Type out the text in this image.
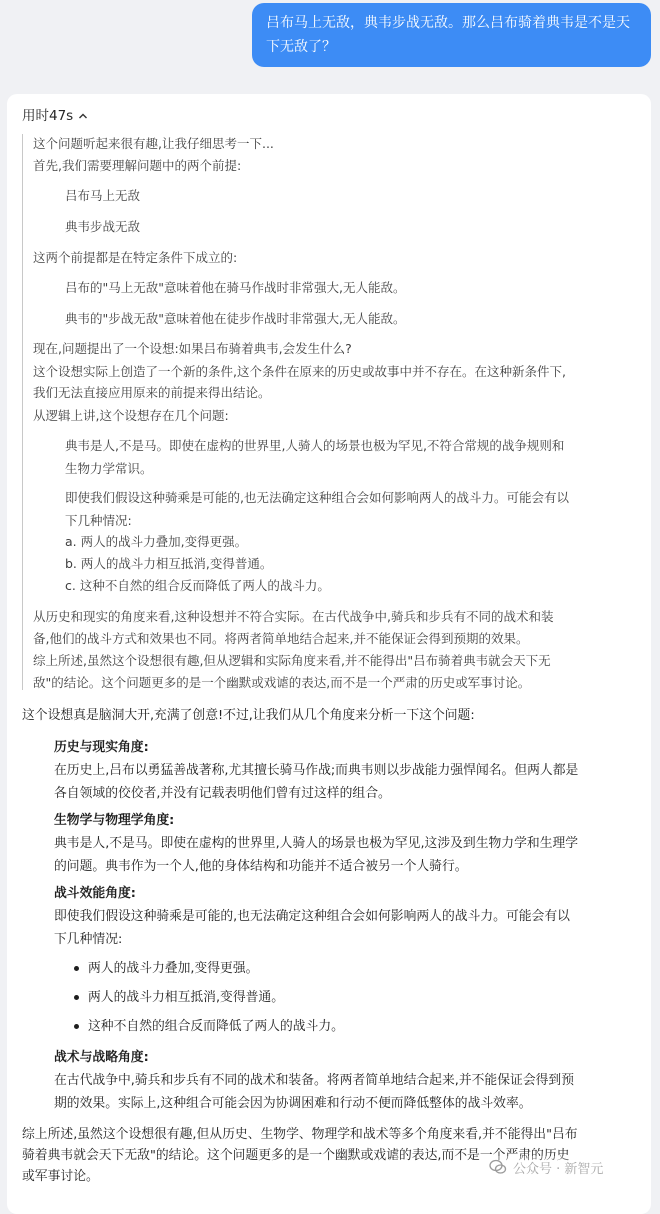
吕布马上无敌，典韦步战无敌。那么吕布骑着典韦是不是天
下无敌了？
用时47s
这个问题听起来很有趣,让我仔细思考一下...
首先,我们需要理解问题中的两个前提:
吕布马上无敌
典韦步战无敌
这两个前提都是在特定条件下成立的:
吕布的"马上无敌"意味着他在骑马作战时非常强大,无人能敌。
典韦的"步战无敌"意味着他在徒步作战时非常强大,无人能敌。
现在,问题提出了一个设想:如果吕布骑着典韦,会发生什么?
这个设想实际上创造了一个新的条件,这个条件在原来的历史或故事中并不存在。在这种新条件下,
我们无法直接应用原来的前提来得出结论。
从逻辑上讲,这个设想存在几个问题:
典韦是人,不是马。即使在虚构的世界里,人骑人的场景也极为罕见,不符合常规的战争规则和
生物力学常识。
即使我们假设这种骑乘是可能的,也无法确定这种组合会如何影响两人的战斗力。可能会有以
下几种情况:
a. 两人的战斗力叠加,变得更强。
b. 两人的战斗力相互抵消,变得普通。
c. 这种不自然的组合反而降低了两人的战斗力。
从历史和现实的角度来看,这种设想并不符合实际。在古代战争中,骑兵和步兵有不同的战术和装
备,他们的战斗方式和效果也不同。将两者简单地结合起来,并不能保证会得到预期的效果。
综上所述,虽然这个设想很有趣,但从逻辑和实际角度来看,并不能得出"吕布骑着典韦就会天下无
敌"的结论。这个问题更多的是一个幽默或戏谑的表达,而不是一个严肃的历史或军事讨论。
这个设想真是脑洞大开,充满了创意!不过,让我们从几个角度来分析一下这个问题:
历史与现实角度:
在历史上,吕布以勇猛善战著称,尤其擅长骑马作战;而典韦则以步战能力强悍闻名。但两人都是
各自领域的佼佼者,并没有记载表明他们曾有过这样的组合。
生物学与物理学角度:
典韦是人,不是马。即使在虚构的世界里,人骑人的场景也极为罕见,这涉及到生物力学和生理学
的问题。典韦作为一个人,他的身体结构和功能并不适合被另一个人骑行。
战斗效能角度:
即使我们假设这种骑乘是可能的,也无法确定这种组合会如何影响两人的战斗力。可能会有以
下几种情况:
两人的战斗力叠加,变得更强。
两人的战斗力相互抵消,变得普通。
这种不自然的组合反而降低了两人的战斗力。
战术与战略角度:
在古代战争中,骑兵和步兵有不同的战术和装备。将两者简单地结合起来,并不能保证会得到预
期的效果。实际上,这种组合可能会因为协调困难和行动不便而降低整体的战斗效率。
综上所述,虽然这个设想很有趣,但从历史、生物学、物理学和战术等多个角度来看,并不能得出"吕布
骑着典韦就会天下无敌"的结论。这个问题更多的是一个幽默或戏谑的表达,而不是一个严肃的历史
或军事讨论。	公众号 · 新智元
